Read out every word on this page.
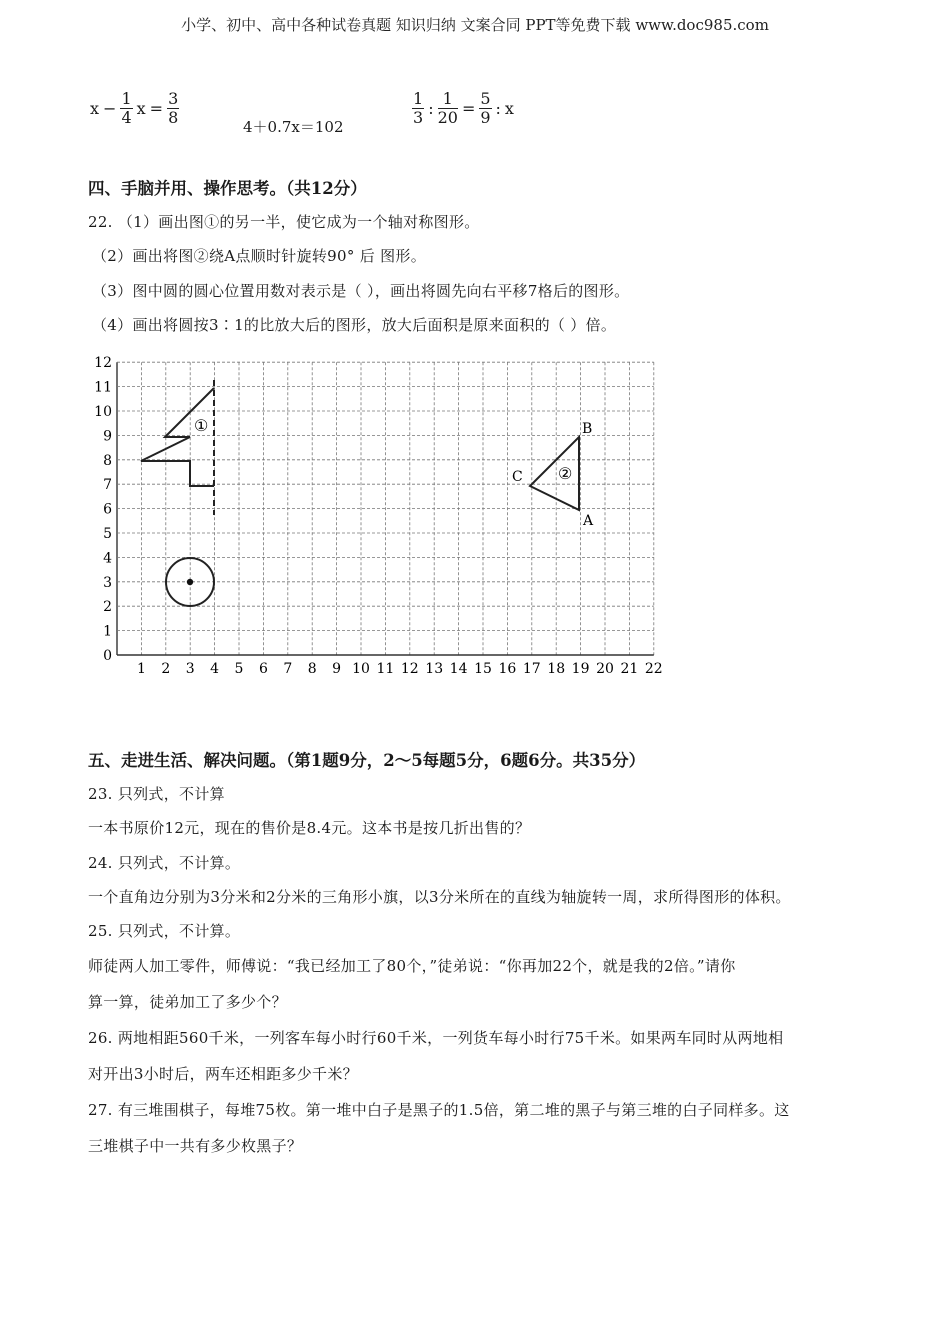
小学、初中、高中各种试卷真题 知识归纳 文案合同 PPT等免费下载 www.doc985.com
$x - \frac{1}{4}$ $x = \frac{3}{8}$
4＋0.7x＝102
$\frac{1}{3}$ : $\frac{1}{20} = \frac{5}{9}$ : x
四、手脑并用、操作思考。（共12分）
22. （1）画出图①的另一半，使它成为一个轴对称图形。
（2）画出将图②绕A点顺时针旋转90° 后 图形。
（3）图中圆的圆心位置用数对表示是（ ），画出将圆先向右平移7格后的图形。
（4）画出将圆按3∶1的比放大后的图形，放大后面积是原来面积的（ ）倍。
1 2 3 4 5 6 7 8 9 10 11 12 13 14 15 16 17 18 19 20 21 22
0
1
2
3
4
5
6
7
8
9
10
11
12
①
②
A
B
C
五、走进生活、解决问题。（第1题9分，2～5每题5分，6题6分。共35分）
23. 只列式，不计算
一本书原价12元，现在的售价是8.4元。这本书是按几折出售的？
24. 只列式，不计算。
一个直角边分别为3分米和2分米的三角形小旗，以3分米所在的直线为轴旋转一周，求所得图形的体积。
25. 只列式，不计算。
师徒两人加工零件，师傅说：“我已经加工了80个，”徒弟说：“你再加22个，就是我的2倍。”请你
算一算，徒弟加工了多少个？
26. 两地相距560千米，一列客车每小时行60千米，一列货车每小时行75千米。如果两车同时从两地相
对开出3小时后，两车还相距多少千米？
27. 有三堆围棋子，每堆75枚。第一堆中白子是黑子的1.5倍，第二堆的黑子与第三堆的白子同样多。这
三堆棋子中一共有多少枚黑子？
